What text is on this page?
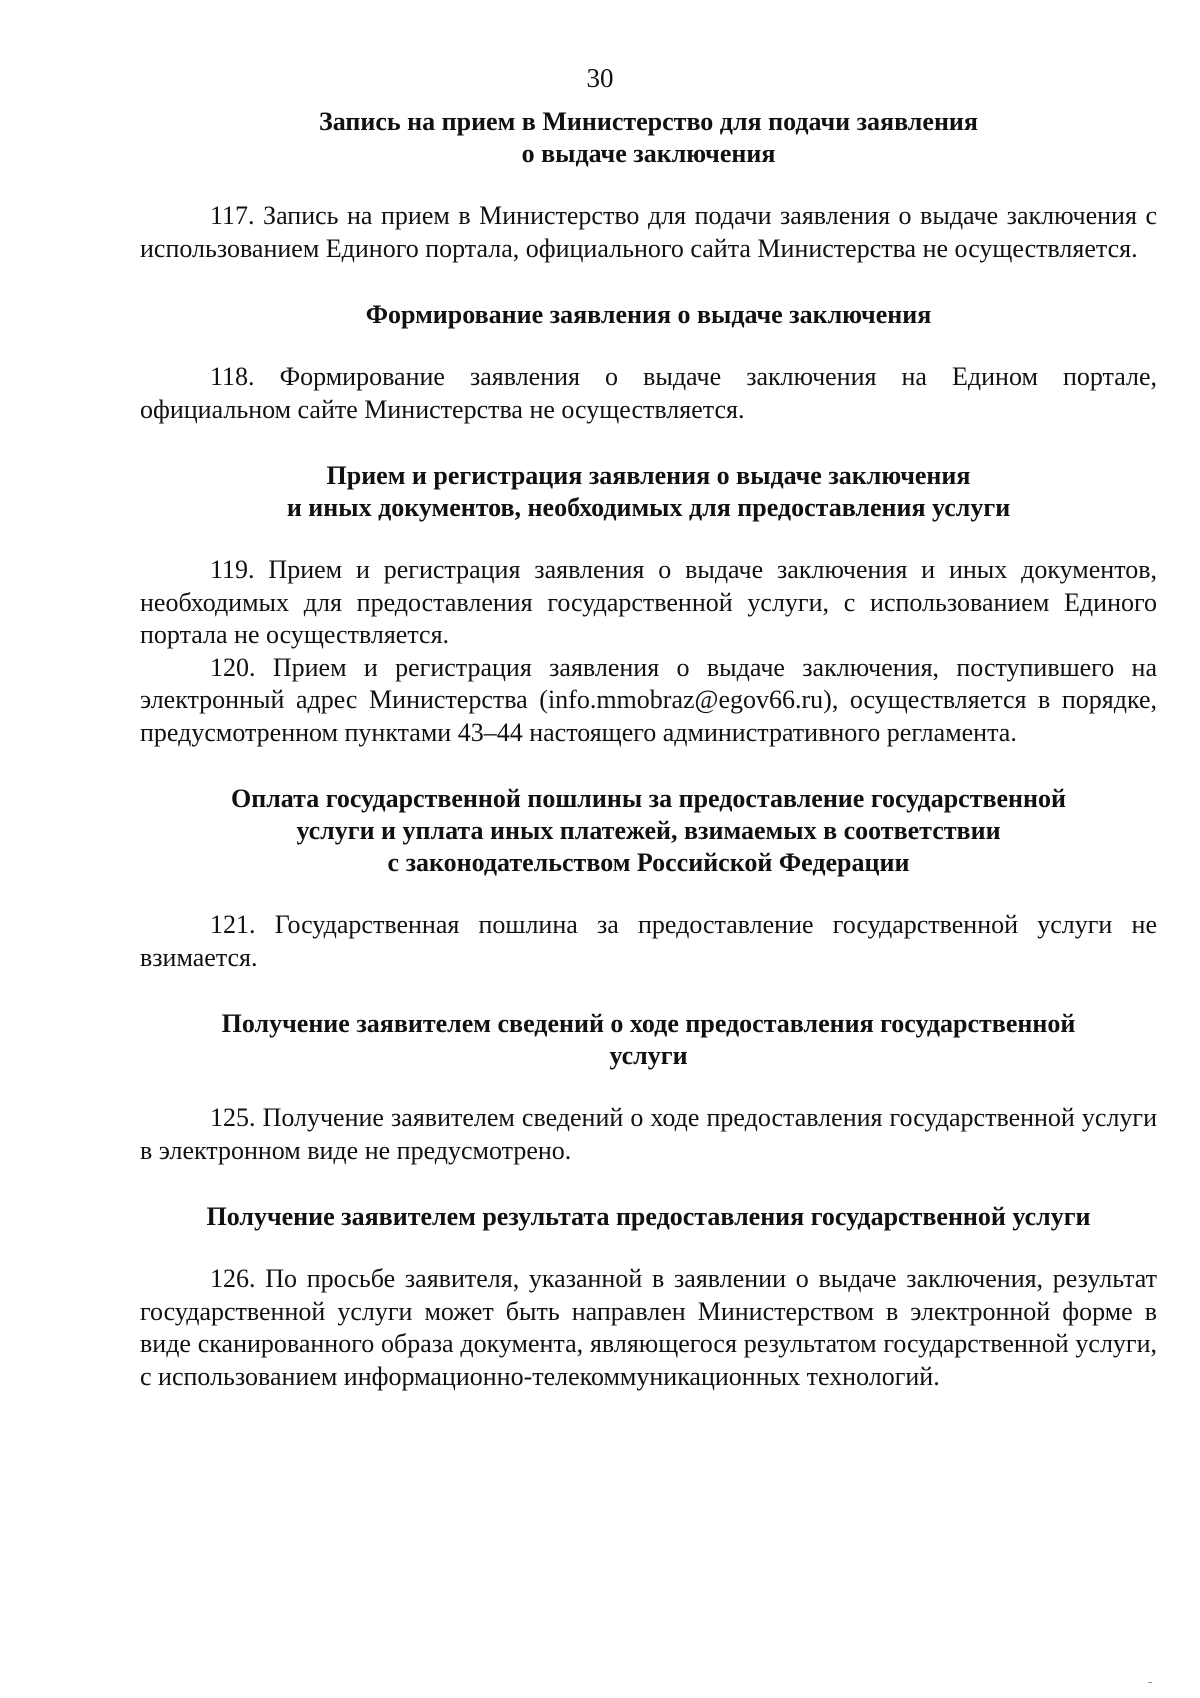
30
Запись на прием в Министерство для подачи заявления
о выдаче заключения

117. Запись на прием в Министерство для подачи заявления о выдаче заключения с использованием Единого портала, официального сайта Министерства не осуществляется.

Формирование заявления о выдаче заключения

118. Формирование заявления о выдаче заключения на Едином портале, официальном сайте Министерства не осуществляется.

Прием и регистрация заявления о выдаче заключения
и иных документов, необходимых для предоставления услуги

119. Прием и регистрация заявления о выдаче заключения и иных документов, необходимых для предоставления государственной услуги, с использованием Единого портала не осуществляется.

120. Прием и регистрация заявления о выдаче заключения, поступившего на электронный адрес Министерства (info.mmobraz@egov66.ru), осуществляется в порядке, предусмотренном пунктами 43–44 настоящего административного регламента.

Оплата государственной пошлины за предоставление государственной
услуги и уплата иных платежей, взимаемых в соответствии
с законодательством Российской Федерации

121. Государственная пошлина за предоставление государственной услуги не взимается.

Получение заявителем сведений о ходе предоставления государственной
услуги

125. Получение заявителем сведений о ходе предоставления государственной услуги в электронном виде не предусмотрено.

Получение заявителем результата предоставления государственной услуги

126. По просьбе заявителя, указанной в заявлении о выдаче заключения, результат государственной услуги может быть направлен Министерством в электронной форме в виде сканированного образа документа, являющегося результатом государственной услуги, с использованием информационно-телекоммуникационных технологий.
